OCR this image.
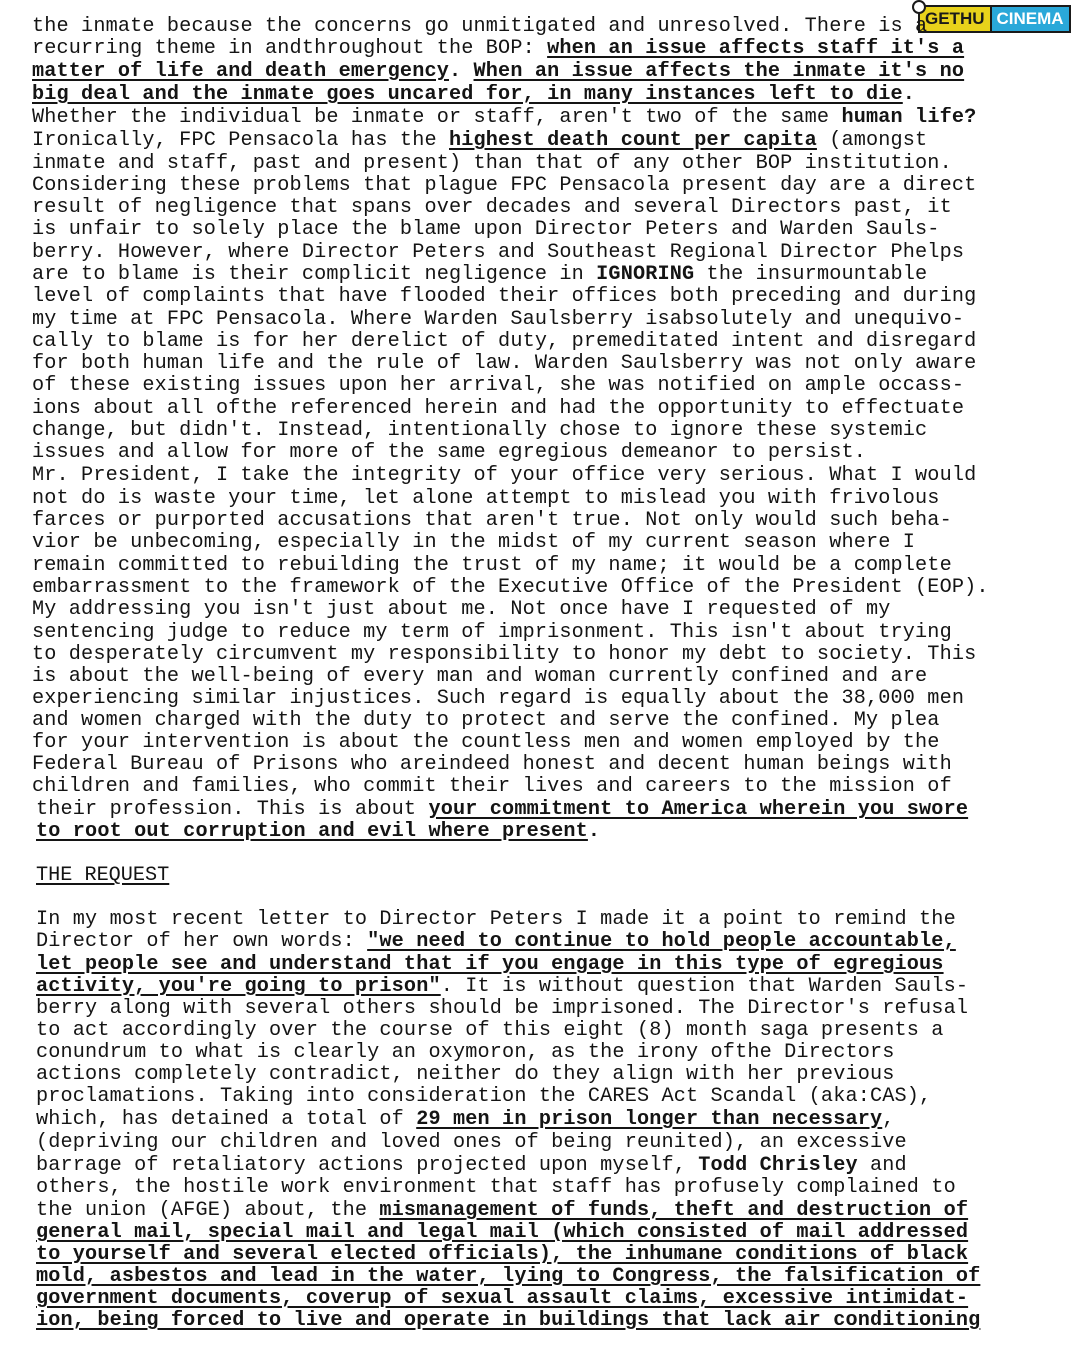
GETHU CINEMA
the inmate because the concerns go unmitigated and unresolved. There is a
recurring theme in andthroughout the BOP: when an issue affects staff it's a
matter of life and death emergency. When an issue affects the inmate it's no
big deal and the inmate goes uncared for, in many instances left to die.
Whether the individual be inmate or staff, aren't two of the same human life?
Ironically, FPC Pensacola has the highest death count per capita (amongst
inmate and staff, past and present) than that of any other BOP institution.
Considering these problems that plague FPC Pensacola present day are a direct
result of negligence that spans over decades and several Directors past, it
is unfair to solely place the blame upon Director Peters and Warden Sauls-
berry. However, where Director Peters and Southeast Regional Director Phelps
are to blame is their complicit negligence in IGNORING the insurmountable
level of complaints that have flooded their offices both preceding and during
my time at FPC Pensacola. Where Warden Saulsberry isabsolutely and unequivo-
cally to blame is for her derelict of duty, premeditated intent and disregard
for both human life and the rule of law. Warden Saulsberry was not only aware
of these existing issues upon her arrival, she was notified on ample occass-
ions about all ofthe referenced herein and had the opportunity to effectuate
change, but didn't. Instead, intentionally chose to ignore these systemic
issues and allow for more of the same egregious demeanor to persist.
Mr. President, I take the integrity of your office very serious. What I would
not do is waste your time, let alone attempt to mislead you with frivolous
farces or purported accusations that aren't true. Not only would such beha-
vior be unbecoming, especially in the midst of my current season where I
remain committed to rebuilding the trust of my name; it would be a complete
embarrassment to the framework of the Executive Office of the President (EOP).
My addressing you isn't just about me. Not once have I requested of my
sentencing judge to reduce my term of imprisonment. This isn't about trying
to desperately circumvent my responsibility to honor my debt to society. This
is about the well-being of every man and woman currently confined and are
experiencing similar injustices. Such regard is equally about the 38,000 men
and women charged with the duty to protect and serve the confined. My plea
for your intervention is about the countless men and women employed by the
Federal Bureau of Prisons who areindeed honest and decent human beings with
children and families, who commit their lives and careers to the mission of
their profession. This is about your commitment to America wherein you swore
to root out corruption and evil where present.
THE REQUEST
In my most recent letter to Director Peters I made it a point to remind the
Director of her own words: "we need to continue to hold people accountable,
let people see and understand that if you engage in this type of egregious
activity, you're going to prison". It is without question that Warden Sauls-
berry along with several others should be imprisoned. The Director's refusal
to act accordingly over the course of this eight (8) month saga presents a
conundrum to what is clearly an oxymoron, as the irony ofthe Directors
actions completely contradict, neither do they align with her previous
proclamations. Taking into consideration the CARES Act Scandal (aka:CAS),
which, has detained a total of 29 men in prison longer than necessary,
(depriving our children and loved ones of being reunited), an excessive
barrage of retaliatory actions projected upon myself, Todd Chrisley and
others, the hostile work environment that staff has profusely complained to
the union (AFGE) about, the mismanagement of funds, theft and destruction of
general mail, special mail and legal mail (which consisted of mail addressed
to yourself and several elected officials), the inhumane conditions of black
mold, asbestos and lead in the water, lying to Congress, the falsification of
government documents, coverup of sexual assault claims, excessive intimidat-
ion, being forced to live and operate in buildings that lack air conditioning
